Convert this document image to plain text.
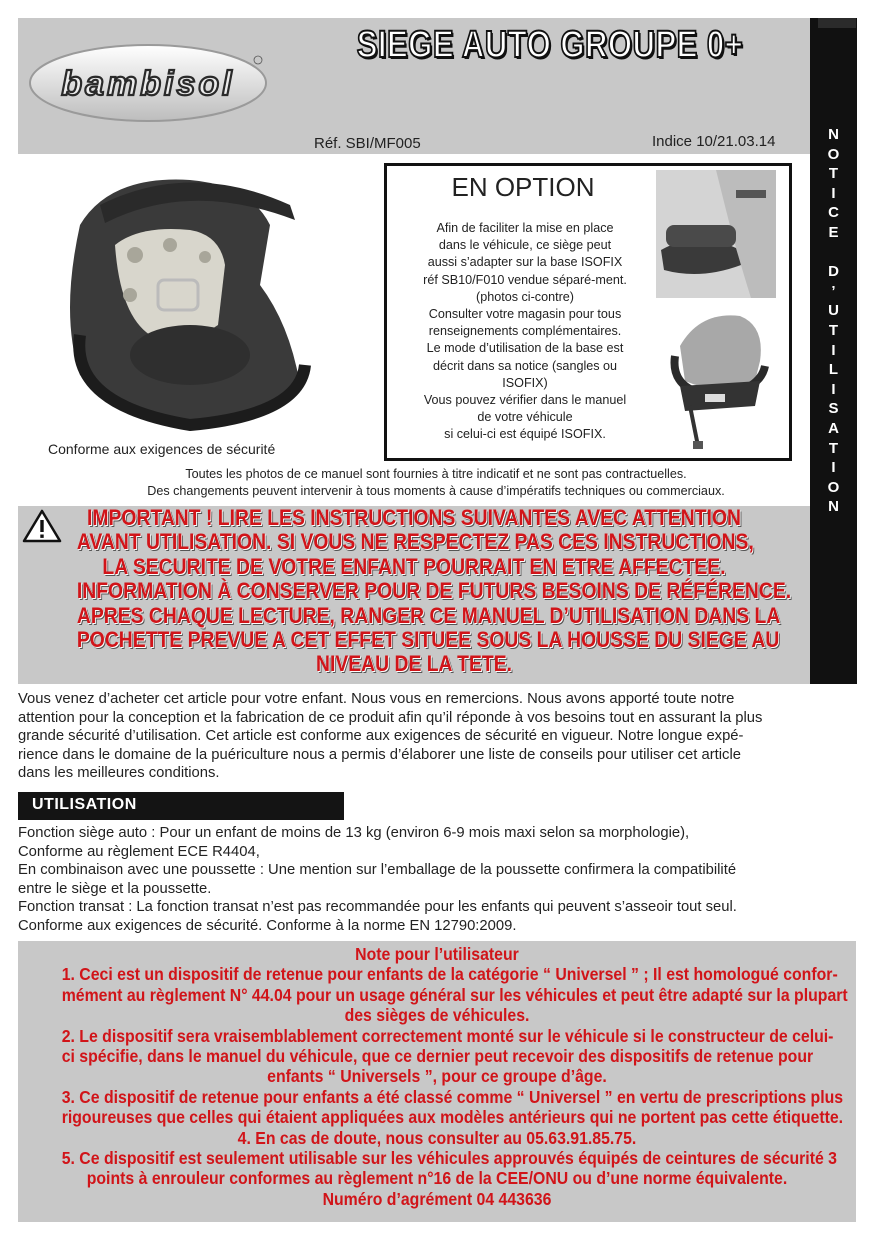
bambisol
SIEGE AUTO GROUPE 0+
Réf. SBI/MF005	Indice 10/21.03.14	N
O
T
I
C
E

D
’
U
T
I
L
I
S
A
T
I
O
N
Conforme aux exigences de sécurité
EN OPTION
Afin de faciliter la mise en place
dans le véhicule, ce siège peut
aussi s’adapter sur la base ISOFIX
réf SB10/F010 vendue séparé-ment.
(photos ci-contre)
Consulter votre magasin pour tous
renseignements complémentaires.
Le mode d’utilisation de la base est
décrit dans sa notice (sangles ou
ISOFIX)
Vous pouvez vérifier dans le manuel
de votre véhicule
si celui-ci est équipé ISOFIX.
Toutes les photos de ce manuel sont fournies à titre indicatif et ne sont pas contractuelles.
Des changements peuvent intervenir à tous moments à cause d’impératifs techniques ou commerciaux.
IMPORTANT ! LIRE LES INSTRUCTIONS SUIVANTES AVEC ATTENTION
AVANT UTILISATION. SI VOUS NE RESPECTEZ PAS CES INSTRUCTIONS,
LA SECURITE DE VOTRE ENFANT POURRAIT EN ETRE AFFECTEE.
INFORMATION À CONSERVER POUR DE FUTURS BESOINS DE RÉFÉRENCE.
APRES CHAQUE LECTURE, RANGER CE MANUEL D’UTILISATION DANS LA
POCHETTE PREVUE A CET EFFET SITUEE SOUS LA HOUSSE DU SIEGE AU
NIVEAU DE LA TETE.
Vous venez d’acheter cet article pour votre enfant. Nous vous en remercions. Nous avons apporté toute notre
attention pour la conception et la fabrication de ce produit afin qu’il réponde à vos besoins tout en assurant la plus
grande sécurité d’utilisation. Cet article est conforme aux exigences de sécurité en vigueur. Notre longue expé-
rience dans le domaine de la puériculture nous a permis d’élaborer une liste de conseils pour utiliser cet article
dans les meilleures conditions.
UTILISATION
Fonction siège auto : Pour un enfant de moins de 13 kg (environ 6-9 mois maxi selon sa morphologie),
Conforme au règlement ECE R4404,
En combinaison avec une poussette : Une mention sur l’emballage de la poussette confirmera la compatibilité
entre le siège et la poussette.
Fonction transat : La fonction transat n’est pas recommandée pour les enfants qui peuvent s’asseoir tout seul.
Conforme aux exigences de sécurité. Conforme à la norme EN 12790:2009.
Note pour l’utilisateur
1. Ceci est un dispositif de retenue pour enfants de la catégorie “ Universel ” ; Il est homologué confor-
mément au règlement N° 44.04 pour un usage général sur les véhicules et peut être adapté sur la plupart
des sièges de véhicules.
2. Le dispositif sera vraisemblablement correctement monté sur le véhicule si le constructeur de celui-
ci spécifie, dans le manuel du véhicule, que ce dernier peut recevoir des dispositifs de retenue pour
enfants “ Universels ”, pour ce groupe d’âge.
3. Ce dispositif de retenue pour enfants a été classé comme “ Universel ” en vertu de prescriptions plus
rigoureuses que celles qui étaient appliquées aux modèles antérieurs qui ne portent pas cette étiquette.
4. En cas de doute, nous consulter au 05.63.91.85.75.
5. Ce dispositif est seulement utilisable sur les véhicules approuvés équipés de ceintures de sécurité 3
points à enrouleur conformes au règlement n°16 de la CEE/ONU ou d’une norme équivalente.
Numéro d’agrément 04 443636
